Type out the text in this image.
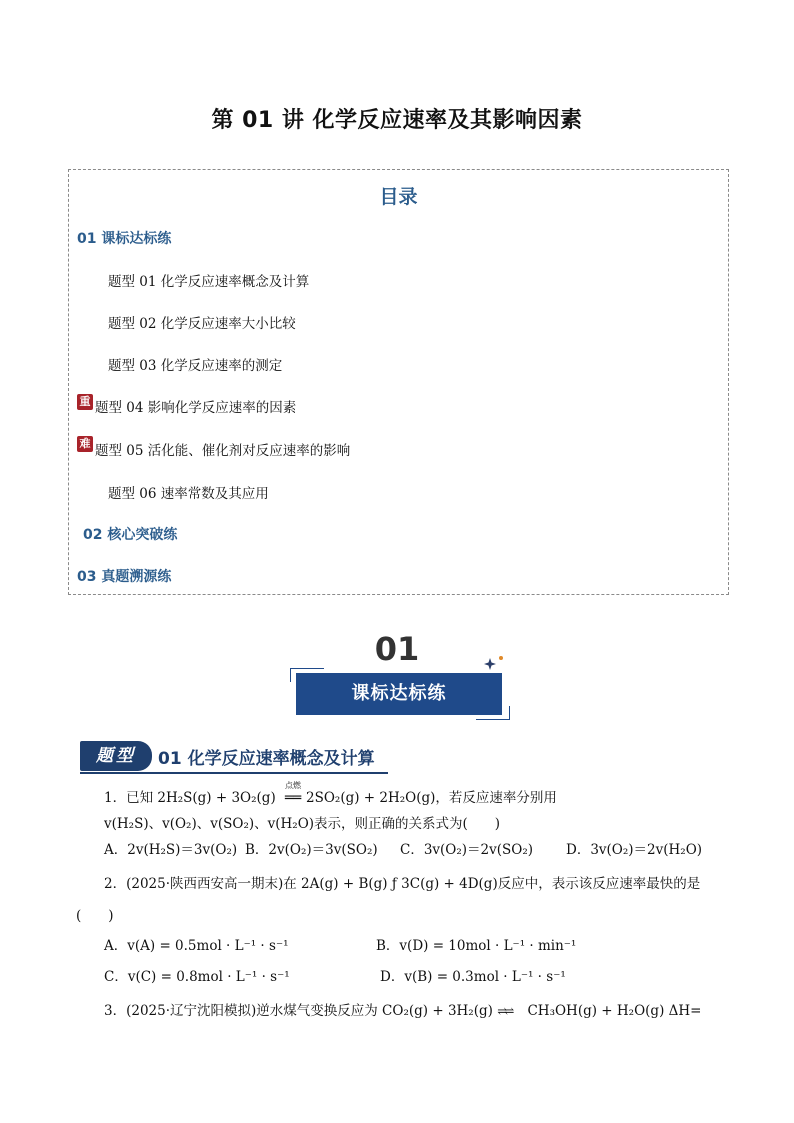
第 01 讲 化学反应速率及其影响因素
目录
01 课标达标练
题型 01 化学反应速率概念及计算
题型 02 化学反应速率大小比较
题型 03 化学反应速率的测定
重 题型 04 影响化学反应速率的因素
难 题型 05 活化能、催化剂对反应速率的影响
题型 06 速率常数及其应用
02 核心突破练
03 真题溯源练
01
课标达标练
题型	01 化学反应速率概念及计算
1．已知 2H₂S(g) + 3O₂(g)
点燃
══ 2SO₂(g) + 2H₂O(g)，若反应速率分别用
v(H₂S)、v(O₂)、v(SO₂)、v(H₂O)表示，则正确的关系式为(　　)
A．2v(H₂S)＝3v(O₂) B．2v(O₂)＝3v(SO₂) C．3v(O₂)＝2v(SO₂) D．3v(O₂)＝2v(H₂O)
2．(2025·陕西西安高一期末)在 2A(g) + B(g) ƒ 3C(g) + 4D(g)反应中，表示该反应速率最快的是
(　　)
A．v(A) = 0.5mol · L⁻¹ · s⁻¹	B．v(D) = 10mol · L⁻¹ · min⁻¹
C．v(C) = 0.8mol · L⁻¹ · s⁻¹	D．v(B) = 0.3mol · L⁻¹ · s⁻¹
3．(2025·辽宁沈阳模拟)逆水煤气变换反应为 CO₂(g) + 3H₂(g) ⇌⇌ CH₃OH(g) + H₂O(g) ΔH=
